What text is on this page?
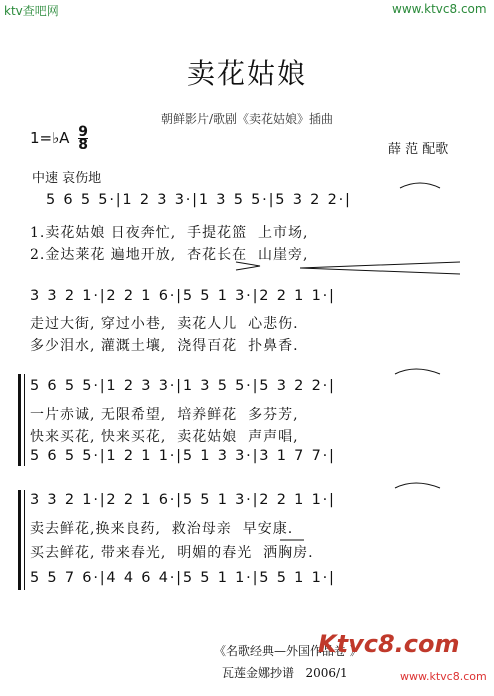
ktv查吧网	www.ktvc8.com
卖花姑娘
朝鲜影片/歌剧《卖花姑娘》插曲
1=♭A $\frac{9}{8}$	薛 范 配歌
中速 哀伤地
5 6 5 5·|1 2 3 3·|1 3 5 5·|5 3 2 2·|
1.卖花姑娘 日夜奔忙,  手提花篮  上市场,
2.金达莱花 遍地开放,  杏花长在  山崖旁,
3 3 2 1·|2 2 1 6·|5 5 1 3·|2 2 1 1·|
走过大街, 穿过小巷,  卖花人儿  心悲伤.
多少泪水, 灌溉土壤,  浇得百花  扑鼻香.
5 6 5 5·|1 2 3 3·|1 3 5 5·|5 3 2 2·|
一片赤诚, 无限希望,  培养鲜花  多芬芳,
快来买花, 快来买花,  卖花姑娘  声声唱,
5 6 5 5·|1 2 1 1·|5 1 3 3·|3 1 7 7·|
3 3 2 1·|2 2 1 6·|5 5 1 3·|2 2 1 1·|
卖去鲜花,换来良药,  救治母亲  早安康.
买去鲜花, 带来春光,  明媚的春光  洒胸房.
5 5 7 6·|4 4 6 4·|5 5 1 1·|5 5 1 1·|
《名歌经典—外国作品卷 》
瓦莲金娜抄谱   2006/1
Ktvc8.com
www.ktvc8.com
